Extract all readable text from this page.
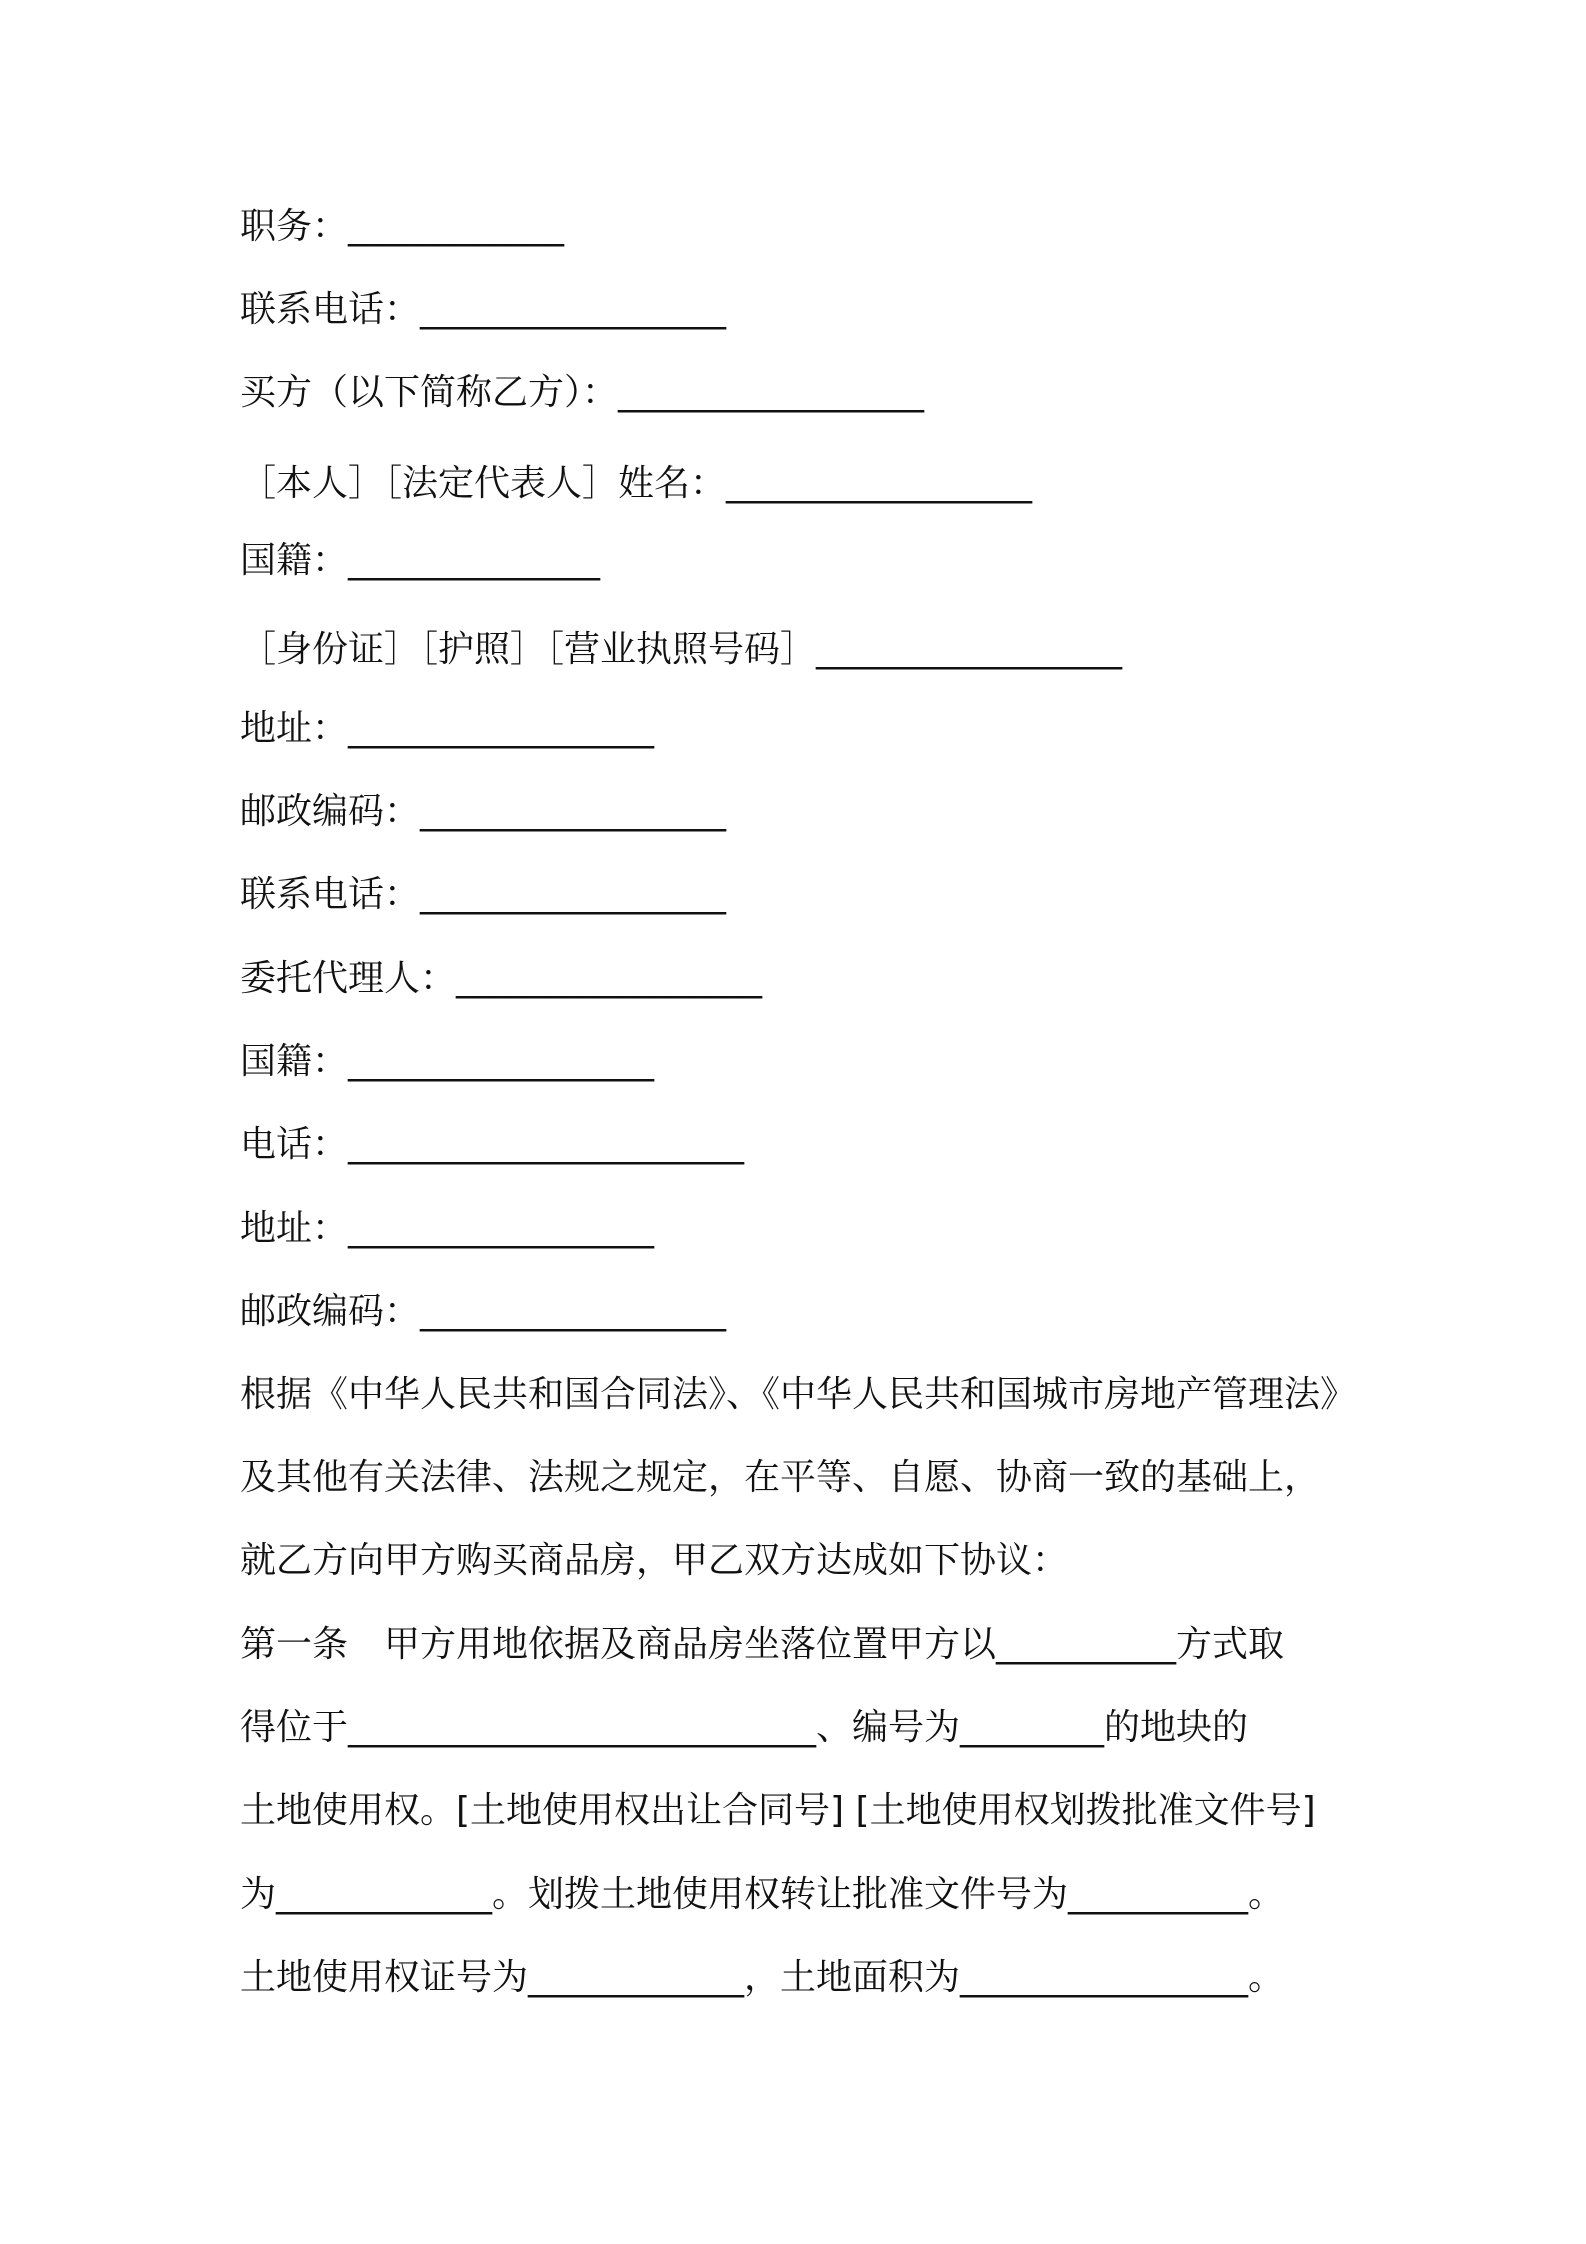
职务：____________
联系电话：_________________
买方（以下简称乙方）：_________________
［本人］［法定代表人］姓名：_________________
国籍：______________
［身份证］［护照］［营业执照号码］_________________
地址：_________________
邮政编码：_________________
联系电话：_________________
委托代理人：_________________
国籍：_________________
电话：______________________
地址：_________________
邮政编码：_________________
根据《中华人民共和国合同法》、《中华人民共和国城市房地产管理法》
及其他有关法律、法规之规定，在平等、自愿、协商一致的基础上，
就乙方向甲方购买商品房，甲乙双方达成如下协议：
第一条　甲方用地依据及商品房坐落位置甲方以__________方式取
得位于__________________________、编号为________的地块的
土地使用权。[土地使用权出让合同号] [土地使用权划拨批准文件号]
为____________。划拨土地使用权转让批准文件号为__________。
土地使用权证号为____________，土地面积为________________。
